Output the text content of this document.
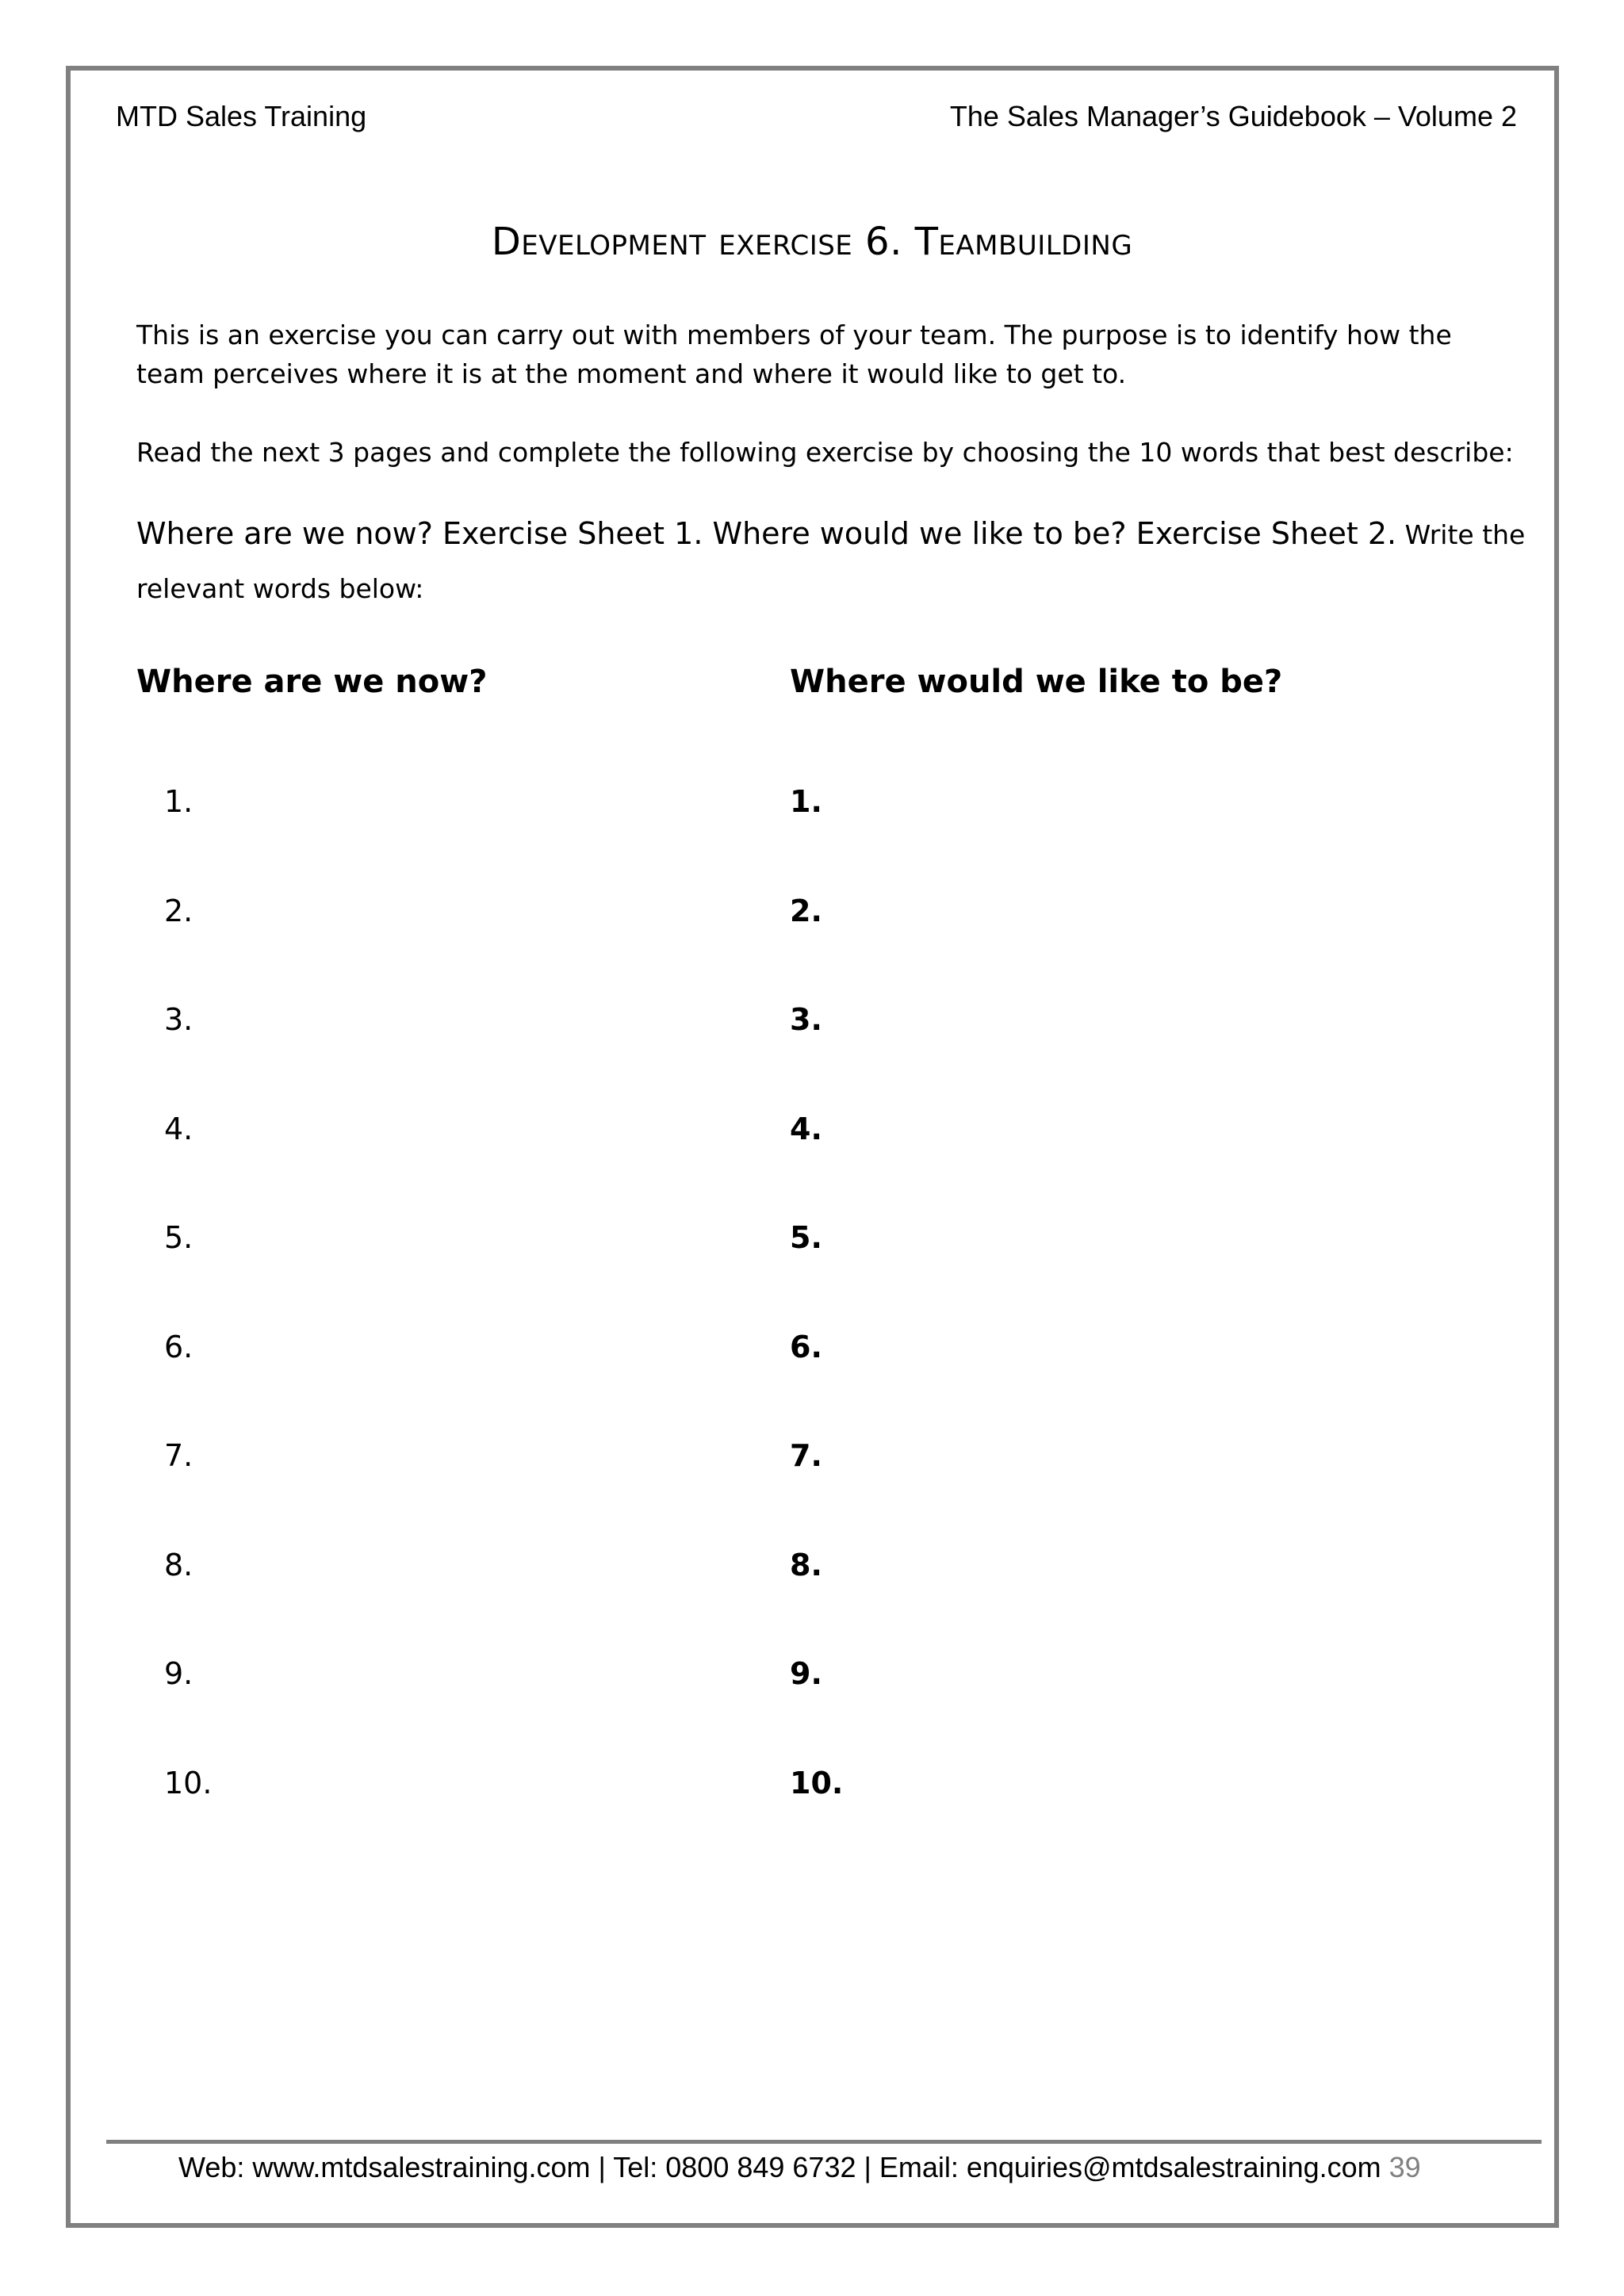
MTD Sales Training	The Sales Manager’s Guidebook – Volume 2
Development exercise 6. Teambuilding
This is an exercise you can carry out with members of your team. The purpose is to identify how the team perceives where it is at the moment and where it would like to get to.
Read the next 3 pages and complete the following exercise by choosing the 10 words that best describe:
Where are we now? Exercise Sheet 1. Where would we like to be? Exercise Sheet 2. Write the
relevant words below:
Where are we now?	Where would we like to be?
1.
2.
3.
4.
5.
6.
7.
8.
9.
10.
1.
2.
3.
4.
5.
6.
7.
8.
9.
10.
Web: www.mtdsalestraining.com | Tel: 0800 849 6732 | Email: enquiries@mtdsalestraining.com 39
